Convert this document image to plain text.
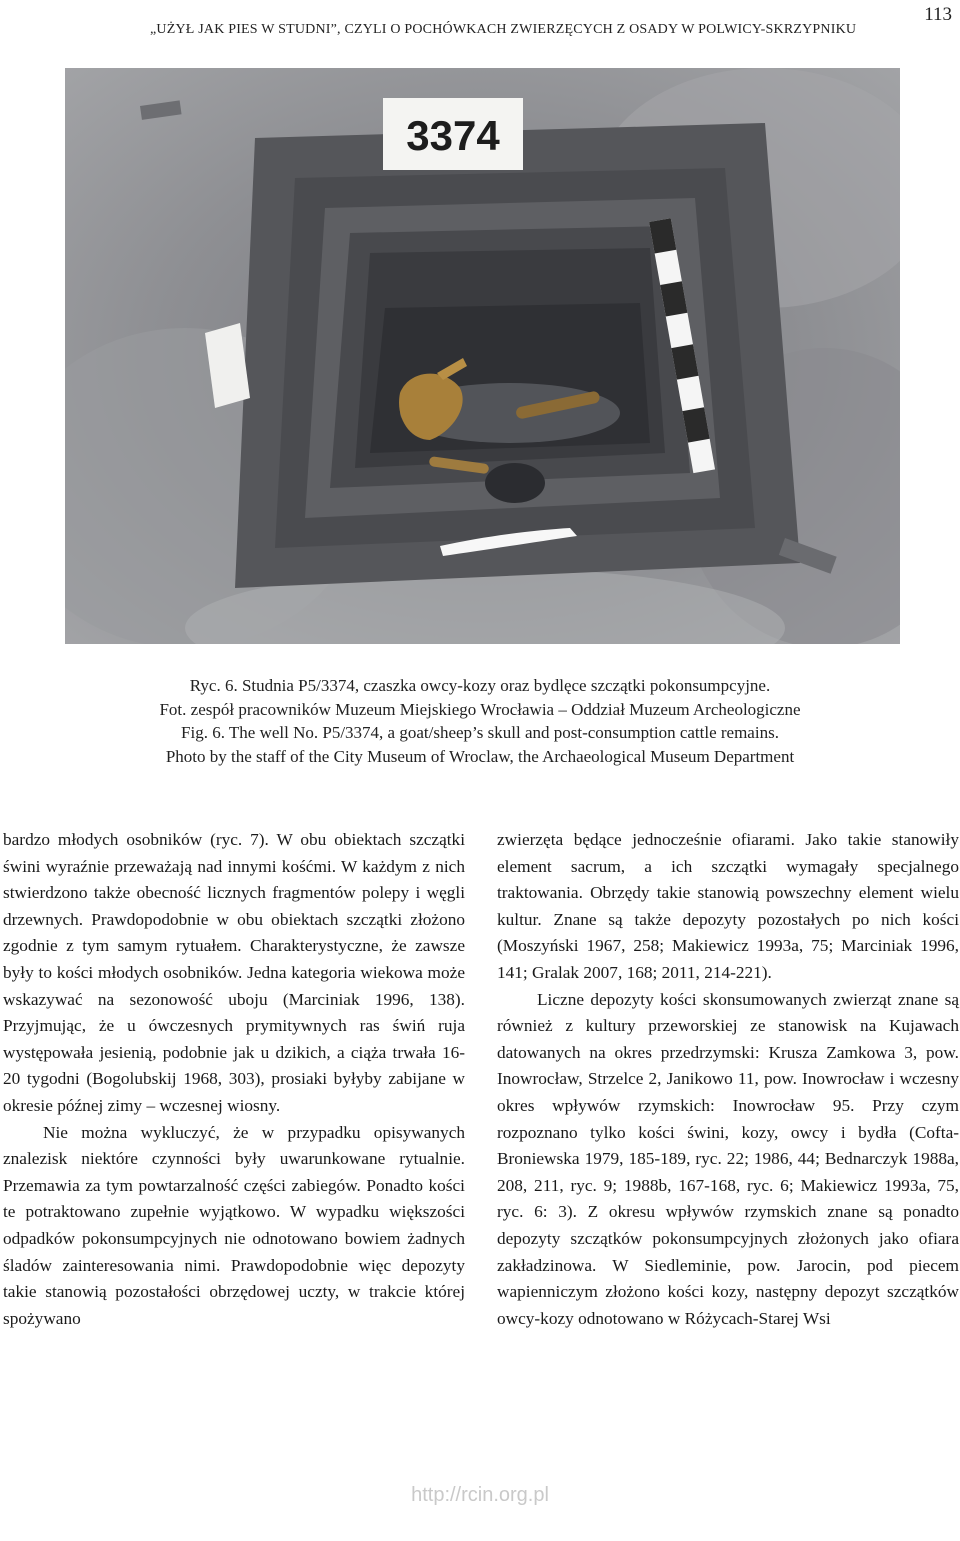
„UŻYŁ JAK PIES W STUDNI”, CZYLI O POCHÓWKACH ZWIERZĘCYCH Z OSADY W POLWICY-SKRZYPNIKU
113
3374
Ryc. 6. Studnia P5/3374, czaszka owcy-kozy oraz bydlęce szczątki pokonsumpcyjne.
Fot. zespół pracowników Muzeum Miejskiego Wrocławia – Oddział Muzeum Archeologiczne
Fig. 6. The well No. P5/3374, a goat/sheep’s skull and post-consumption cattle remains.
Photo by the staff of the City Museum of Wroclaw, the Archaeological Museum Department

bardzo młodych osobników (ryc. 7). W obu obiektach szczątki świni wyraźnie przeważają nad innymi kośćmi. W każdym z nich stwierdzono także obecność licznych fragmentów polepy i węgli drzewnych. Prawdopodobnie w obu obiektach szczątki złożono zgodnie z tym samym rytuałem. Charakterystyczne, że zawsze były to kości młodych osobników. Jedna kategoria wiekowa może wskazywać na sezonowość uboju (Marciniak 1996, 138). Przyjmując, że u ówczesnych prymitywnych ras świń ruja występowała jesienią, podobnie jak u dzikich, a ciąża trwała 16-20 tygodni (Bogolubskij 1968, 303), prosiaki byłyby zabijane w okresie późnej zimy – wczesnej wiosny.

Nie można wykluczyć, że w przypadku opisywanych znalezisk niektóre czynności były uwarunkowane rytualnie. Przemawia za tym powtarzalność części zabiegów. Ponadto kości te potraktowano zupełnie wyjątkowo. W wypadku większości odpadków pokonsumpcyjnych nie odnotowano bowiem żadnych śladów zainteresowania nimi. Prawdopodobnie więc depozyty takie stanowią pozostałości obrzędowej uczty, w trakcie której spożywano

zwierzęta będące jednocześnie ofiarami. Jako takie stanowiły element sacrum, a ich szczątki wymagały specjalnego traktowania. Obrzędy takie stanowią powszechny element wielu kultur. Znane są także depozyty pozostałych po nich kości (Moszyński 1967, 258; Makiewicz 1993a, 75; Marciniak 1996, 141; Gralak 2007, 168; 2011, 214-221).

Liczne depozyty kości skonsumowanych zwierząt znane są również z kultury przeworskiej ze stanowisk na Kujawach datowanych na okres przedrzymski: Krusza Zamkowa 3, pow. Inowrocław, Strzelce 2, Janikowo 11, pow. Inowrocław i wczesny okres wpływów rzymskich: Inowrocław 95. Przy czym rozpoznano tylko kości świni, kozy, owcy i bydła (Cofta-Broniewska 1979, 185-189, ryc. 22; 1986, 44; Bednarczyk 1988a, 208, 211, ryc. 9; 1988b, 167-168, ryc. 6; Makiewicz 1993a, 75, ryc. 6: 3). Z okresu wpływów rzymskich znane są ponadto depozyty szczątków pokonsumpcyjnych złożonych jako ofiara zakładzinowa. W Siedleminie, pow. Jarocin, pod piecem wapienniczym złożono kości kozy, następny depozyt szczątków owcy-kozy odnotowano w Różycach-Starej Wsi

http://rcin.org.pl
